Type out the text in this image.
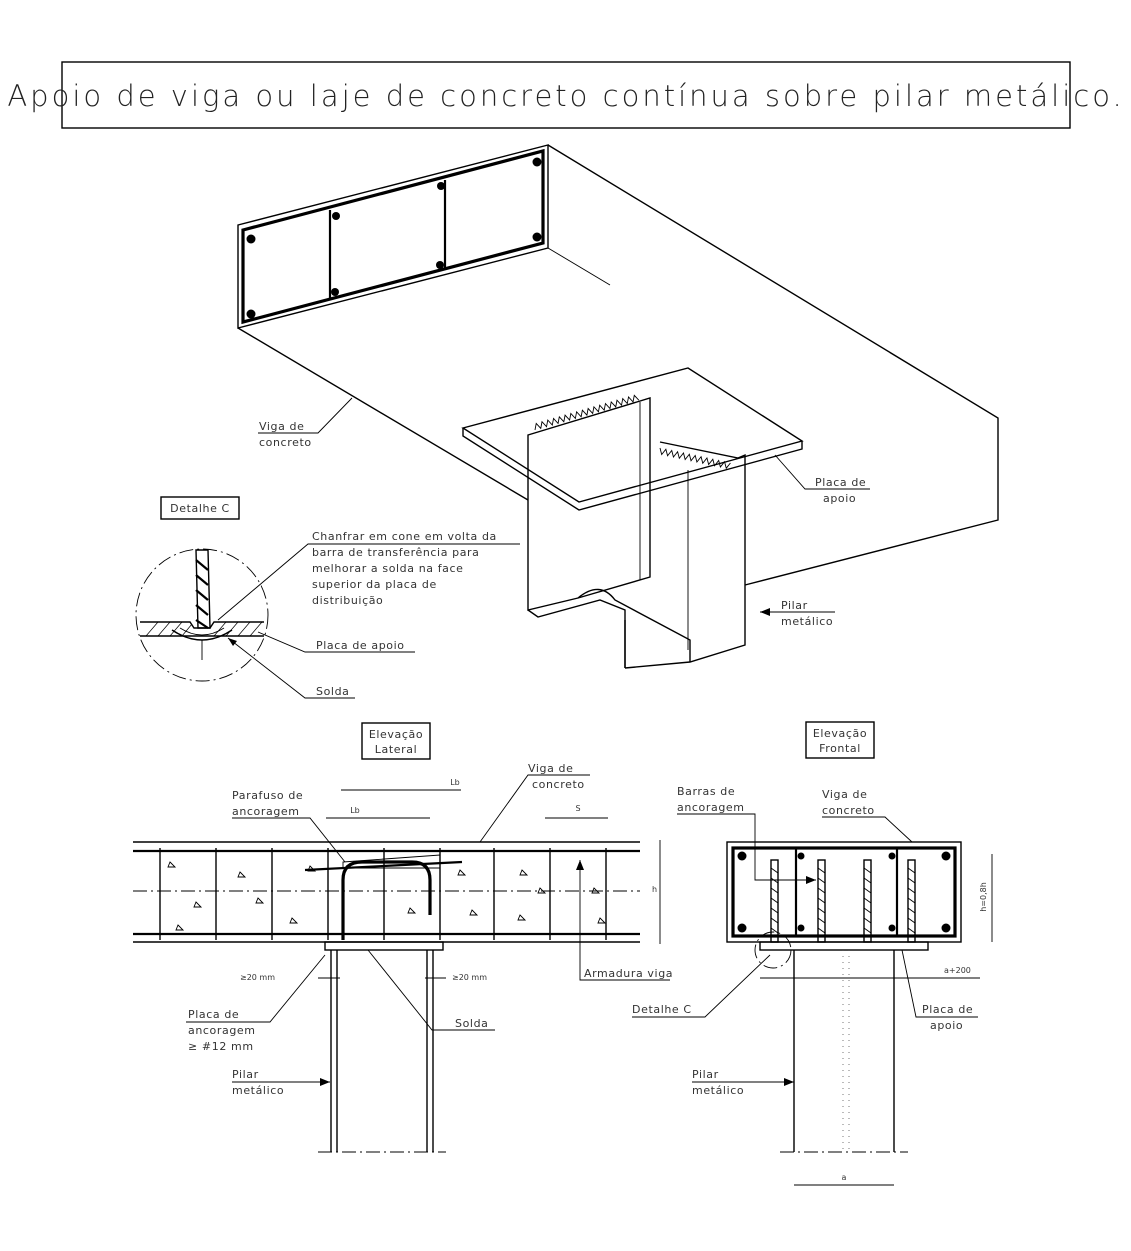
Apoio de viga ou laje de concreto contínua sobre pilar metálico.
Viga de
concreto
Placa de
apoio
Pilar
metálico
Detalhe C
Chanfrar em cone em volta da
barra de transferência para
melhorar a solda na face
superior da placa de
distribuição
Placa de apoio
Solda
Elevação
Lateral
Lb
Lb	S
h
≥20 mm	≥20 mm
Parafuso de
ancoragem
Viga de
concreto
Armadura viga
Solda
Placa de
ancoragem
≥ #12 mm
Pilar
metálico
Elevação
Frontal
h=0,8h
a+200
a
Barras de
ancoragem
Viga de
concreto
Detalhe C	Placa de
apoio
Pilar
metálico
